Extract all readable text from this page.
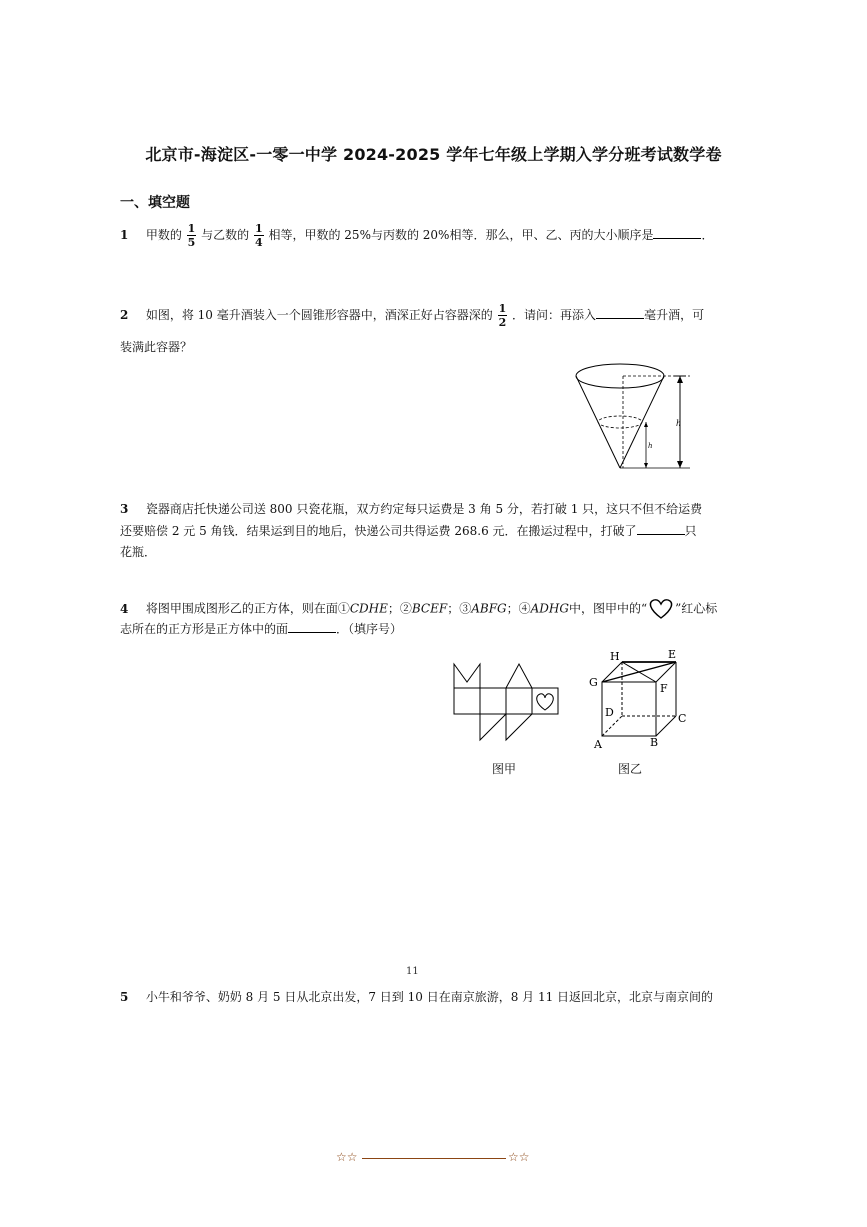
北京市-海淀区-一零一中学 2024-2025 学年七年级上学期入学分班考试数学卷
一、填空题
1 甲数的 $\frac{1}{5}$ 与乙数的 $\frac{1}{4}$ 相等，甲数的 25%与丙数的 20%相等．那么，甲、乙、丙的大小顺序是	．
2 如图，将 10 毫升酒装入一个圆锥形容器中，酒深正好占容器深的 $\frac{1}{2}$ ．请问：再添入	毫升酒，可
装满此容器？
h
h
3 瓷器商店托快递公司送 800 只瓷花瓶，双方约定每只运费是 3 角 5 分，若打破 1 只，这只不但不给运费
还要赔偿 2 元 5 角钱．结果运到目的地后，快递公司共得运费 268.6 元．在搬运过程中，打破了	只
花瓶．
4 将图甲围成图形乙的正方体，则在面①CDHE；②BCEF；③ABFG；④ADHG中，图甲中的“ ”红心标
志所在的正方形是正方体中的面	．（填序号）
图甲
H	E
G	F
D	C
A	B
图乙
11
5 小牛和爷爷、奶奶 8 月 5 日从北京出发，7 日到 10 日在南京旅游，8 月 11 日返回北京，北京与南京间的
☆☆	☆☆
